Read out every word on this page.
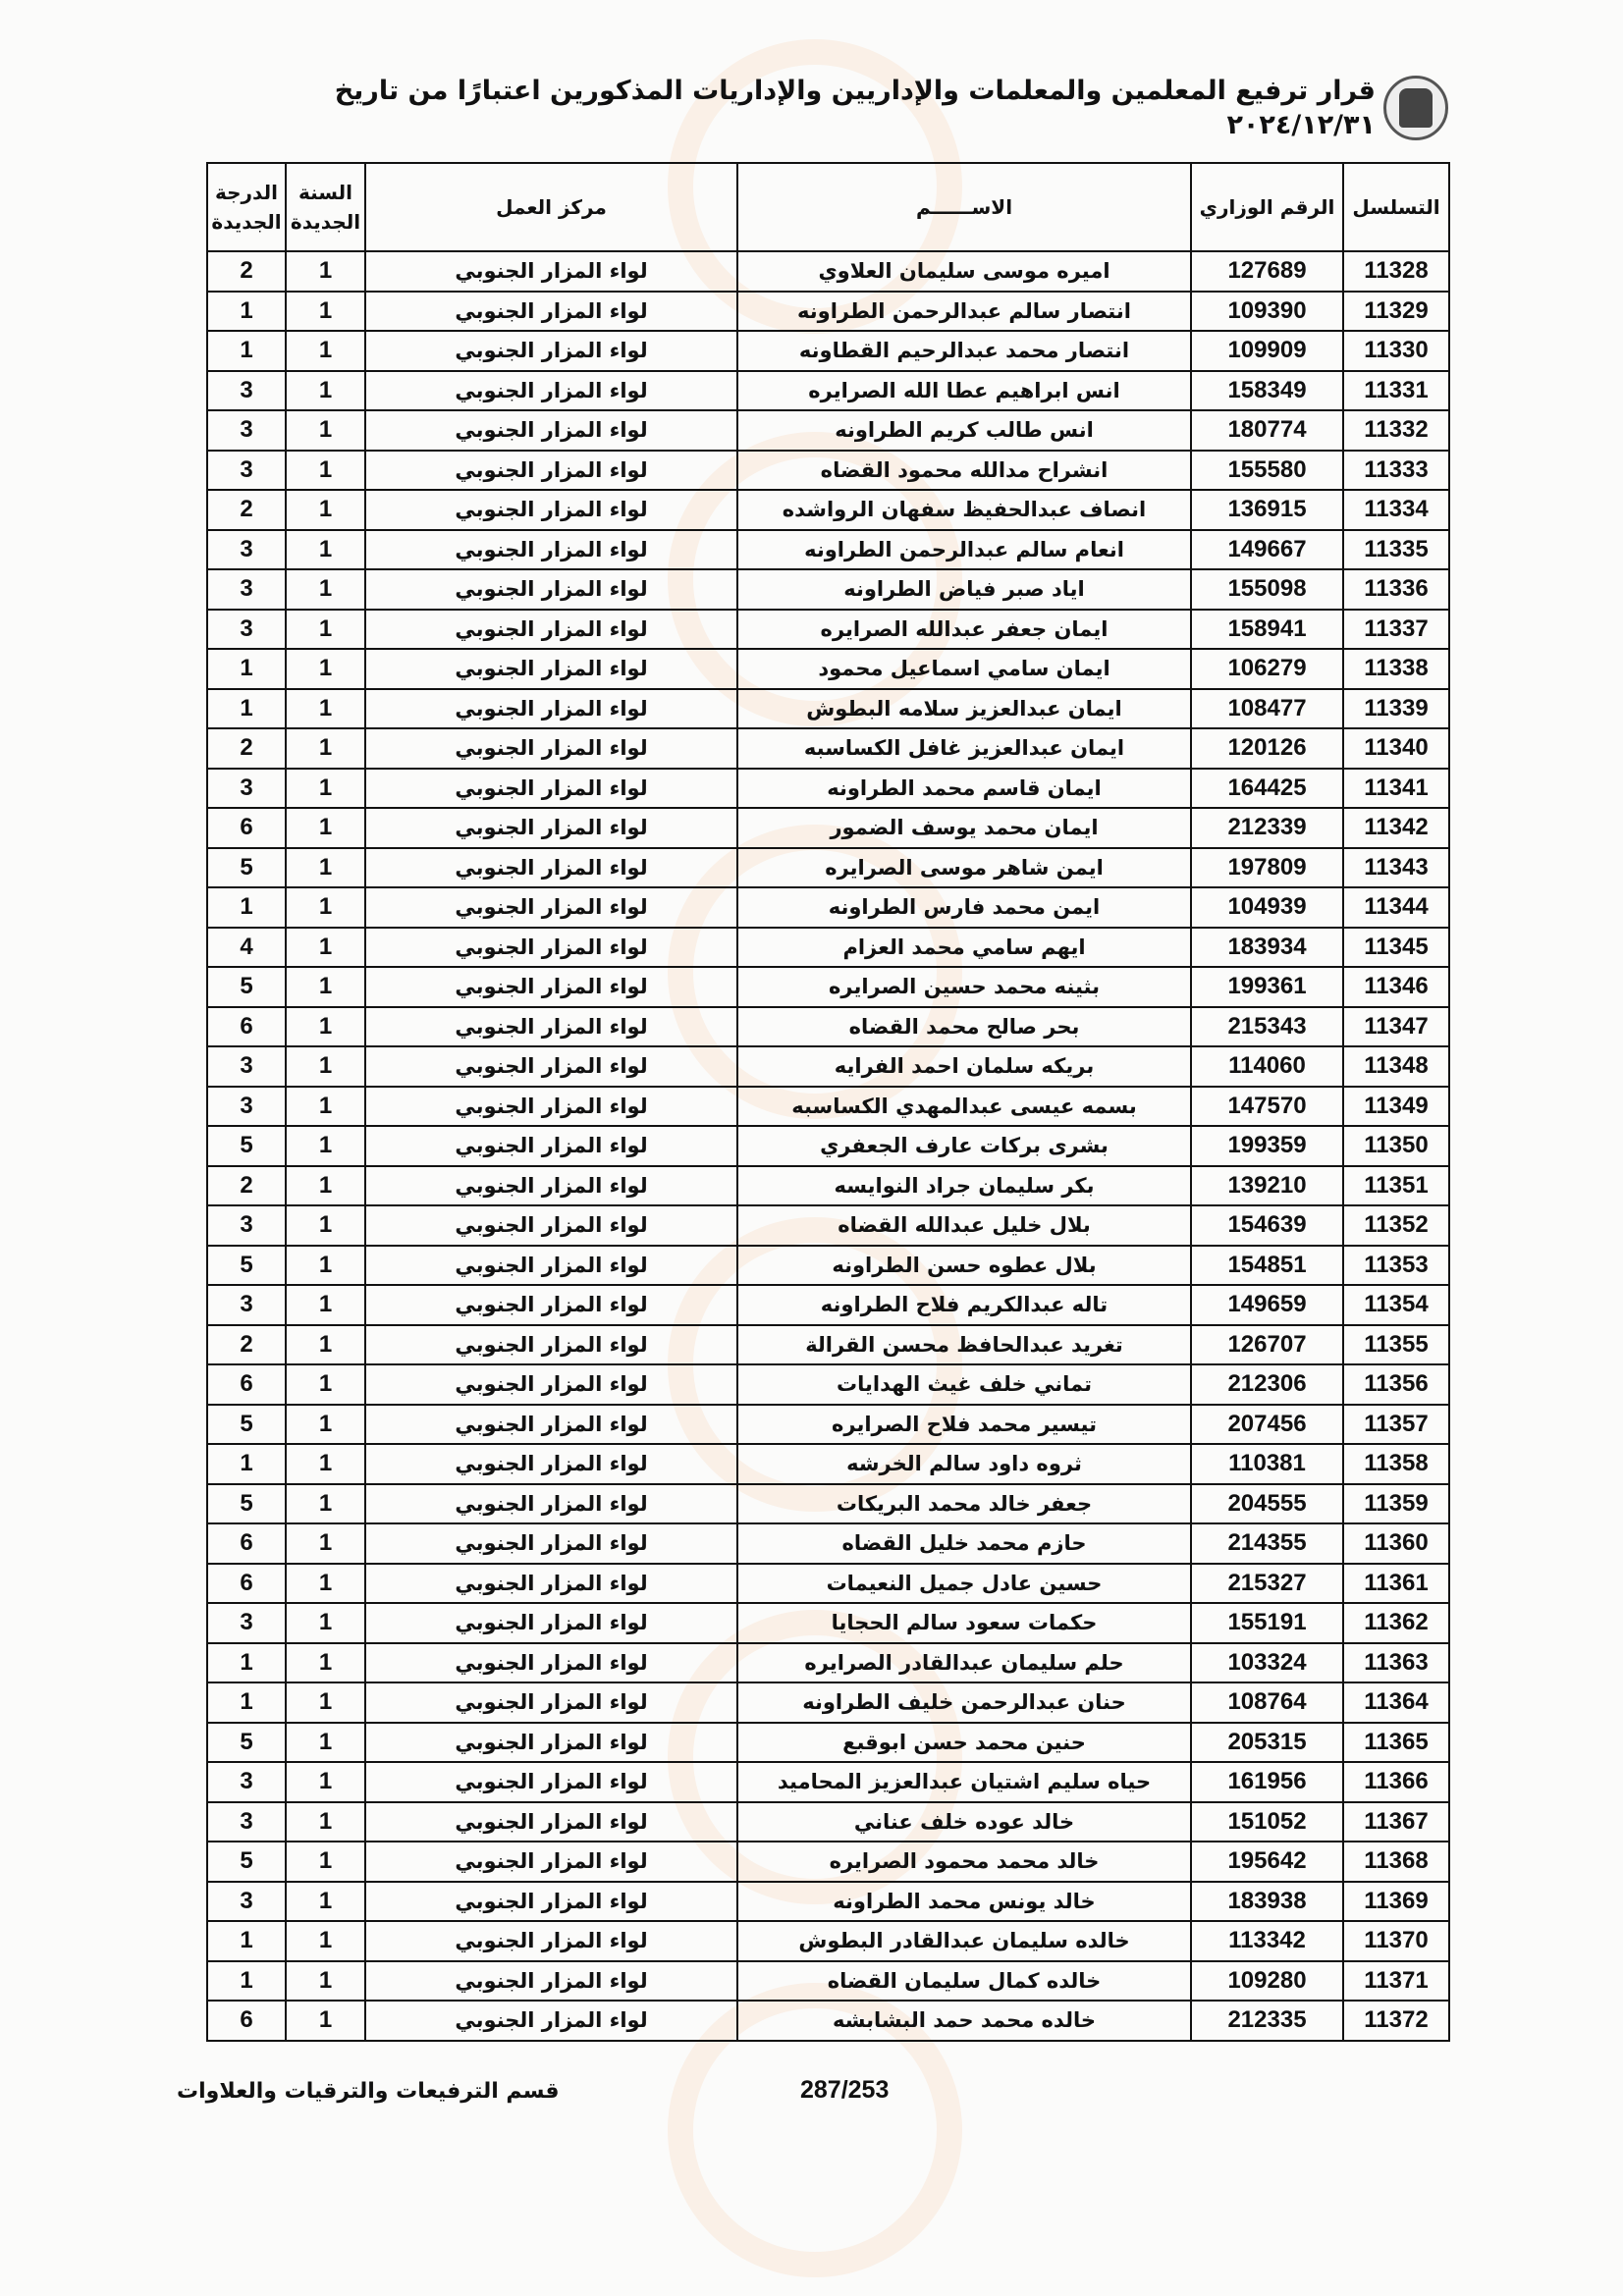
قرار ترفيع المعلمين والمعلمات والإداريين والإداريات المذكورين اعتبارًا من تاريخ ٢٠٢٤/١٢/٣١
التسلسل	الرقم الوزاري	الاســــــم	مركز العمل	السنة الجديدة	الدرجة الجديدة
11328	127689	اميره موسى سليمان العلاوي	لواء المزار الجنوبي	1	2
11329	109390	انتصار سالم عبدالرحمن الطراونه	لواء المزار الجنوبي	1	1
11330	109909	انتصار محمد عبدالرحيم القطاونه	لواء المزار الجنوبي	1	1
11331	158349	انس ابراهيم عطا الله الصرايره	لواء المزار الجنوبي	1	3
11332	180774	انس طالب كريم الطراونه	لواء المزار الجنوبي	1	3
11333	155580	انشراح مدالله محمود القضاه	لواء المزار الجنوبي	1	3
11334	136915	انصاف عبدالحفيظ سفهان الرواشده	لواء المزار الجنوبي	1	2
11335	149667	انعام سالم عبدالرحمن الطراونه	لواء المزار الجنوبي	1	3
11336	155098	اياد صبر فياض الطراونه	لواء المزار الجنوبي	1	3
11337	158941	ايمان جعفر عبدالله الصرايره	لواء المزار الجنوبي	1	3
11338	106279	ايمان سامي اسماعيل محمود	لواء المزار الجنوبي	1	1
11339	108477	ايمان عبدالعزيز سلامه البطوش	لواء المزار الجنوبي	1	1
11340	120126	ايمان عبدالعزيز غافل الكساسبه	لواء المزار الجنوبي	1	2
11341	164425	ايمان قاسم محمد الطراونه	لواء المزار الجنوبي	1	3
11342	212339	ايمان محمد يوسف الضمور	لواء المزار الجنوبي	1	6
11343	197809	ايمن شاهر موسى الصرايره	لواء المزار الجنوبي	1	5
11344	104939	ايمن محمد فارس الطراونه	لواء المزار الجنوبي	1	1
11345	183934	ايهم سامي محمد العزام	لواء المزار الجنوبي	1	4
11346	199361	بثينه محمد حسين الصرايره	لواء المزار الجنوبي	1	5
11347	215343	بحر صالح محمد القضاه	لواء المزار الجنوبي	1	6
11348	114060	بريكه سلمان احمد الفرايه	لواء المزار الجنوبي	1	3
11349	147570	بسمه عيسى عبدالمهدي الكساسبه	لواء المزار الجنوبي	1	3
11350	199359	بشرى بركات عارف الجعفري	لواء المزار الجنوبي	1	5
11351	139210	بكر سليمان جراد النوايسه	لواء المزار الجنوبي	1	2
11352	154639	بلال خليل عبدالله القضاه	لواء المزار الجنوبي	1	3
11353	154851	بلال عطوه حسن الطراونه	لواء المزار الجنوبي	1	5
11354	149659	تاله عبدالكريم فلاح الطراونه	لواء المزار الجنوبي	1	3
11355	126707	تغريد عبدالحافظ محسن القرالة	لواء المزار الجنوبي	1	2
11356	212306	تماني خلف غيث الهدايات	لواء المزار الجنوبي	1	6
11357	207456	تيسير محمد فلاح الصرايره	لواء المزار الجنوبي	1	5
11358	110381	ثروه داود سالم الخرشه	لواء المزار الجنوبي	1	1
11359	204555	جعفر خالد محمد البريكات	لواء المزار الجنوبي	1	5
11360	214355	حازم محمد خليل القضاه	لواء المزار الجنوبي	1	6
11361	215327	حسين عادل جميل النعيمات	لواء المزار الجنوبي	1	6
11362	155191	حكمات سعود سالم الحجايا	لواء المزار الجنوبي	1	3
11363	103324	حلم سليمان عبدالقادر الصرايره	لواء المزار الجنوبي	1	1
11364	108764	حنان عبدالرحمن خليف الطراونه	لواء المزار الجنوبي	1	1
11365	205315	حنين محمد حسن ابوقبع	لواء المزار الجنوبي	1	5
11366	161956	حياه سليم اشتيان عبدالعزيز المحاميد	لواء المزار الجنوبي	1	3
11367	151052	خالد عوده خلف عناني	لواء المزار الجنوبي	1	3
11368	195642	خالد محمد محمود الصرايره	لواء المزار الجنوبي	1	5
11369	183938	خالد يونس محمد الطراونه	لواء المزار الجنوبي	1	3
11370	113342	خالده سليمان عبدالقادر البطوش	لواء المزار الجنوبي	1	1
11371	109280	خالده كمال سليمان القضاه	لواء المزار الجنوبي	1	1
11372	212335	خالده محمد حمد البشابشه	لواء المزار الجنوبي	1	6
287/253
قسم الترفيعات والترقيات والعلاوات
